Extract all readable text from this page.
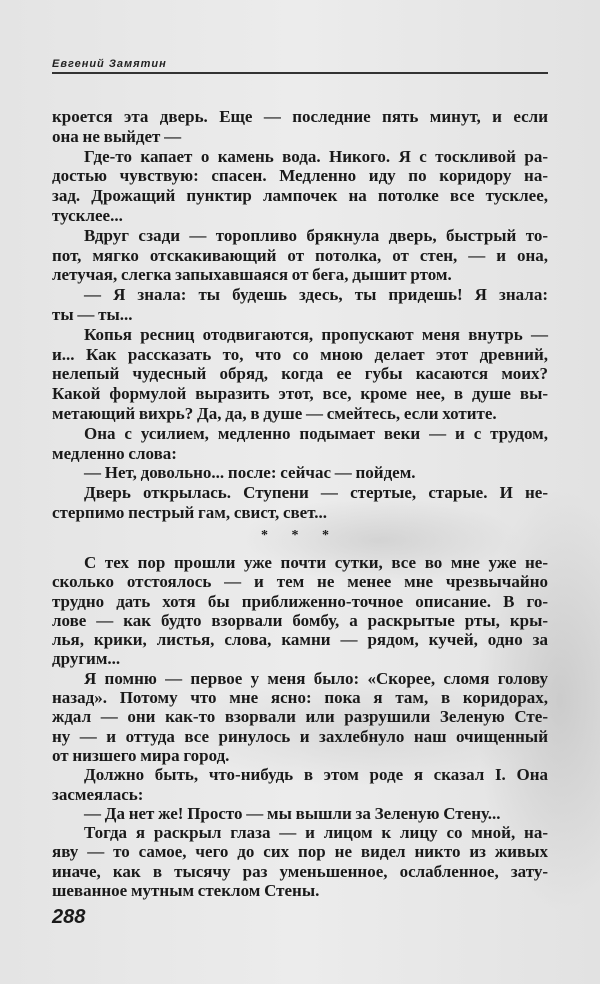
Евгений Замятин
кроется эта дверь. Еще — последние пять минут, и если
она не выйдет —
Где-то капает о камень вода. Никого. Я с тоскливой ра-
достью чувствую: спасен. Медленно иду по коридору на-
зад. Дрожащий пунктир лампочек на потолке все тусклее,
тусклее...
Вдруг сзади — торопливо брякнула дверь, быстрый то-
пот, мягко отскакивающий от потолка, от стен, — и она,
летучая, слегка запыхавшаяся от бега, дышит ртом.
— Я знала: ты будешь здесь, ты придешь! Я знала:
ты — ты...
Копья ресниц отодвигаются, пропускают меня внутрь —
и... Как рассказать то, что со мною делает этот древний,
нелепый чудесный обряд, когда ее губы касаются моих?
Какой формулой выразить этот, все, кроме нее, в душе вы-
метающий вихрь? Да, да, в душе — смейтесь, если хотите.
Она с усилием, медленно подымает веки — и с трудом,
медленно слова:
— Нет, довольно... после: сейчас — пойдем.
Дверь открылась. Ступени — стертые, старые. И не-
стерпимо пестрый гам, свист, свет...
* * *
С тех пор прошли уже почти сутки, все во мне уже не-
сколько отстоялось — и тем не менее мне чрезвычайно
трудно дать хотя бы приближенно-точное описание. В го-
лове — как будто взорвали бомбу, а раскрытые рты, кры-
лья, крики, листья, слова, камни — рядом, кучей, одно за
другим...
Я помню — первое у меня было: «Скорее, сломя голову
назад». Потому что мне ясно: пока я там, в коридорах,
ждал — они как-то взорвали или разрушили Зеленую Сте-
ну — и оттуда все ринулось и захлебнуло наш очищенный
от низшего мира город.
Должно быть, что-нибудь в этом роде я сказал I. Она
засмеялась:
— Да нет же! Просто — мы вышли за Зеленую Стену...
Тогда я раскрыл глаза — и лицом к лицу со мной, на-
яву — то самое, чего до сих пор не видел никто из живых
иначе, как в тысячу раз уменьшенное, ослабленное, зату-
шеванное мутным стеклом Стены.
288
